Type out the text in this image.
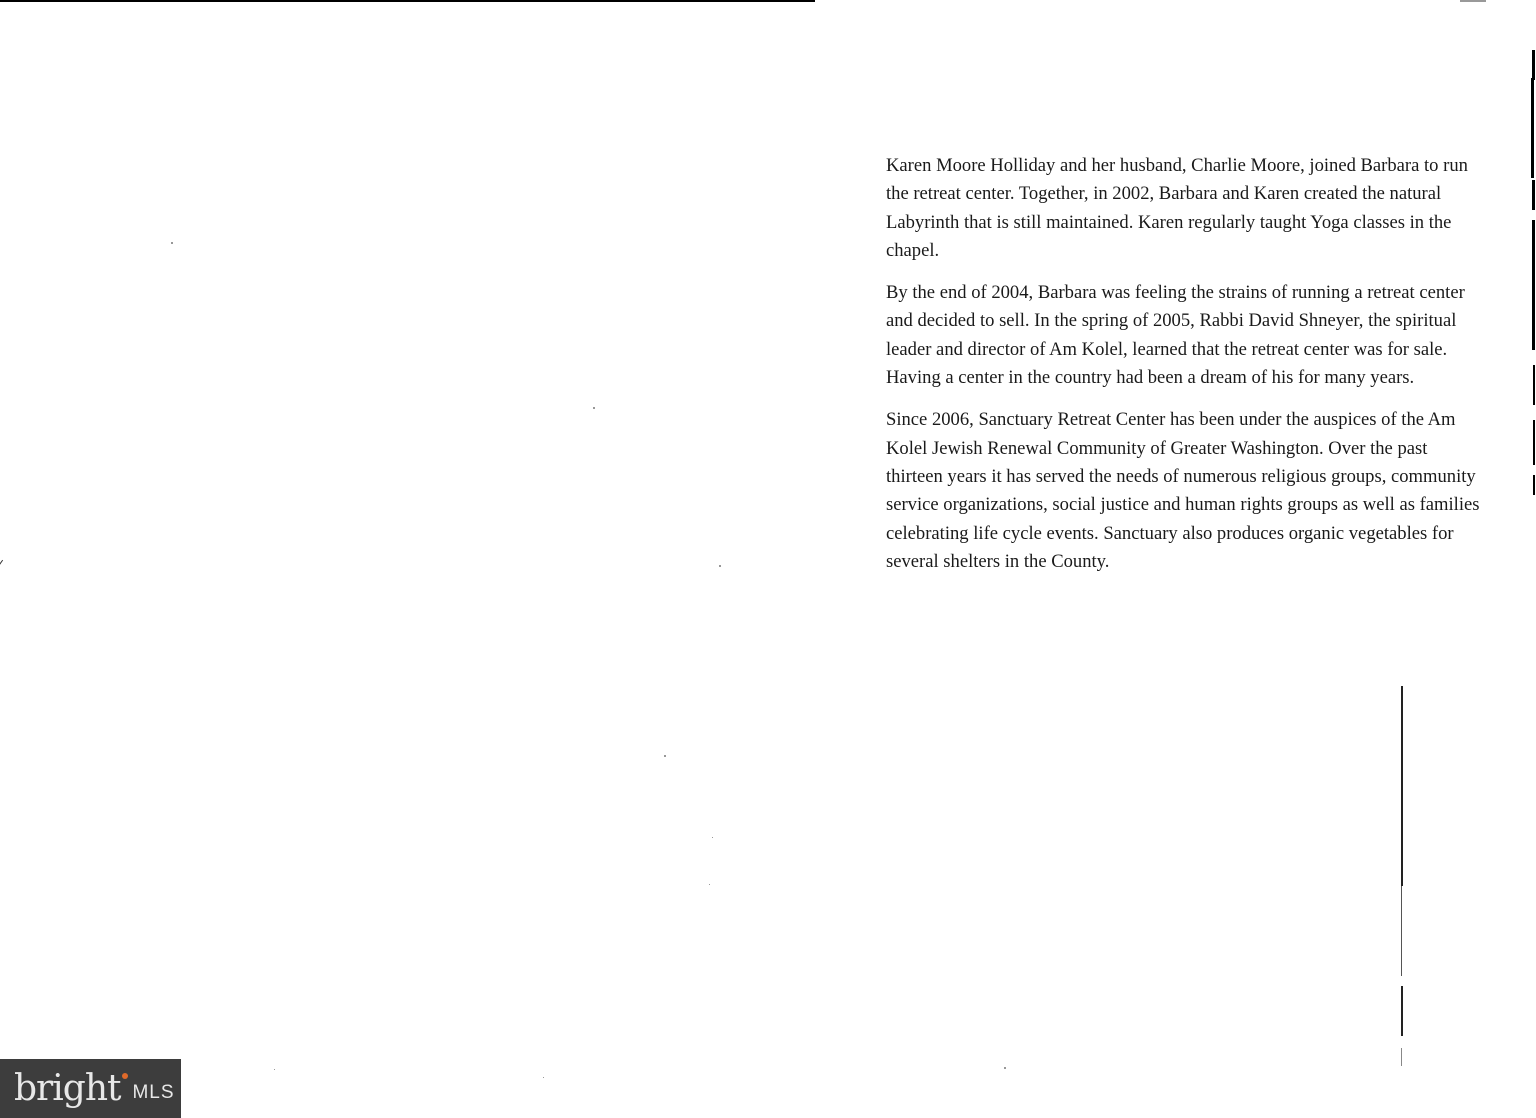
Karen Moore Holliday and her husband, Charlie Moore, joined Barbara to run the retreat center. Together, in 2002, Barbara and Karen created the natural Labyrinth that is still maintained. Karen regularly taught Yoga classes in the chapel.

By the end of 2004, Barbara was feeling the strains of running a retreat center and decided to sell. In the spring of 2005, Rabbi David Shneyer, the spiritual leader and director of Am Kolel, learned that the retreat center was for sale. Having a center in the country had been a dream of his for many years.

Since 2006, Sanctuary Retreat Center has been under the auspices of the Am Kolel Jewish Renewal Community of Greater Washington. Over the past thirteen years it has served the needs of numerous religious groups, community service organizations, social justice and human rights groups as well as families celebrating life cycle events. Sanctuary also produces organic vegetables for several shelters in the County.

bright MLS
